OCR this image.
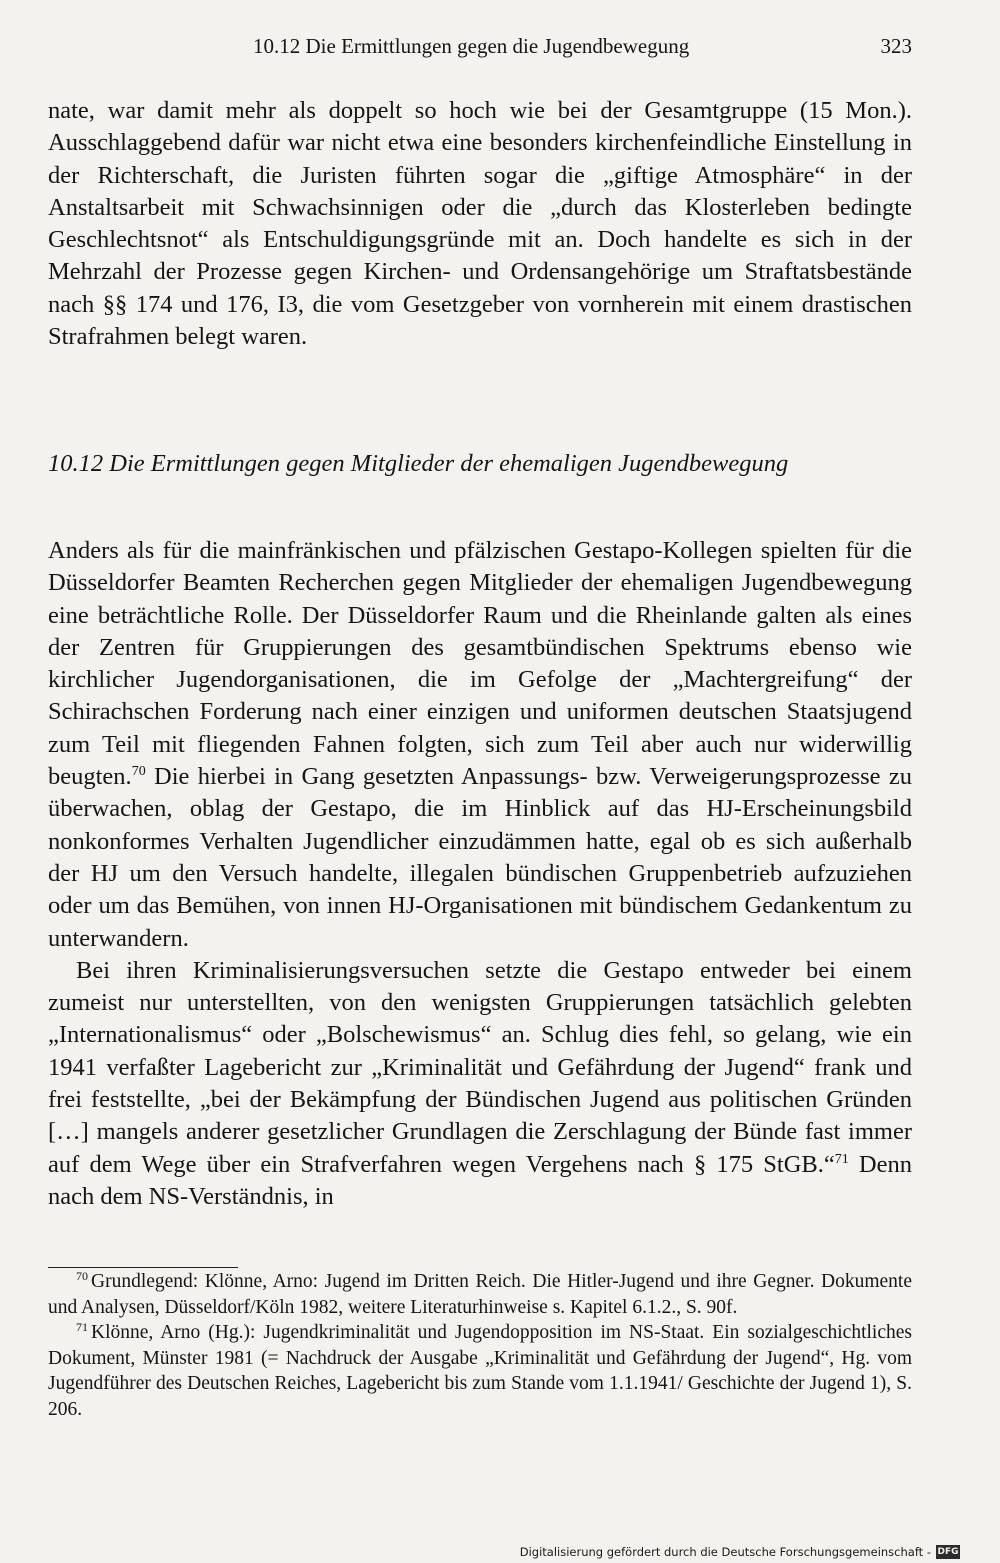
10.12 Die Ermittlungen gegen die Jugendbewegung	323

nate, war damit mehr als doppelt so hoch wie bei der Gesamtgruppe (15 Mon.). Ausschlaggebend dafür war nicht etwa eine besonders kirchenfeindliche Einstellung in der Richterschaft, die Juristen führten sogar die „giftige Atmosphäre“ in der Anstaltsarbeit mit Schwachsinnigen oder die „durch das Klosterleben bedingte Geschlechtsnot“ als Entschuldigungsgründe mit an. Doch handelte es sich in der Mehrzahl der Prozesse gegen Kirchen- und Ordensangehörige um Straftatsbestände nach §§ 174 und 176, I3, die vom Gesetzgeber von vornherein mit einem drastischen Strafrahmen belegt waren.

10.12 Die Ermittlungen gegen Mitglieder der ehemaligen Jugendbewegung

Anders als für die mainfränkischen und pfälzischen Gestapo-Kollegen spielten für die Düsseldorfer Beamten Recherchen gegen Mitglieder der ehemaligen Jugendbewegung eine beträchtliche Rolle. Der Düsseldorfer Raum und die Rheinlande galten als eines der Zentren für Gruppierungen des gesamtbündischen Spektrums ebenso wie kirchlicher Jugendorganisationen, die im Gefolge der „Machtergreifung“ der Schirachschen Forderung nach einer einzigen und uniformen deutschen Staatsjugend zum Teil mit fliegenden Fahnen folgten, sich zum Teil aber auch nur widerwillig beugten.$^{70}$ Die hierbei in Gang gesetzten Anpassungs- bzw. Verweigerungsprozesse zu überwachen, oblag der Gestapo, die im Hinblick auf das HJ-Erscheinungsbild nonkonformes Verhalten Jugendlicher einzudämmen hatte, egal ob es sich außerhalb der HJ um den Versuch handelte, illegalen bündischen Gruppenbetrieb aufzuziehen oder um das Bemühen, von innen HJ-Organisationen mit bündischem Gedankentum zu unterwandern.

Bei ihren Kriminalisierungsversuchen setzte die Gestapo entweder bei einem zumeist nur unterstellten, von den wenigsten Gruppierungen tatsächlich gelebten „Internationalismus“ oder „Bolschewismus“ an. Schlug dies fehl, so gelang, wie ein 1941 verfaßter Lagebericht zur „Kriminalität und Gefährdung der Jugend“ frank und frei feststellte, „bei der Bekämpfung der Bündischen Jugend aus politischen Gründen […] mangels anderer gesetzlicher Grundlagen die Zerschlagung der Bünde fast immer auf dem Wege über ein Strafverfahren wegen Vergehens nach § 175 StGB.“$^{71}$ Denn nach dem NS-Verständnis, in

$^{70}$ Grundlegend: Klönne, Arno: Jugend im Dritten Reich. Die Hitler-Jugend und ihre Gegner. Dokumente und Analysen, Düsseldorf/Köln 1982, weitere Literaturhinweise s. Kapitel 6.1.2., S. 90f.

$^{71}$ Klönne, Arno (Hg.): Jugendkriminalität und Jugendopposition im NS-Staat. Ein sozialgeschichtliches Dokument, Münster 1981 (= Nachdruck der Ausgabe „Kriminalität und Gefährdung der Jugend“, Hg. vom Jugendführer des Deutschen Reiches, Lagebericht bis zum Stande vom 1.1.1941/ Geschichte der Jugend 1), S. 206.

Digitalisierung gefördert durch die Deutsche Forschungsgemeinschaft - DFG
